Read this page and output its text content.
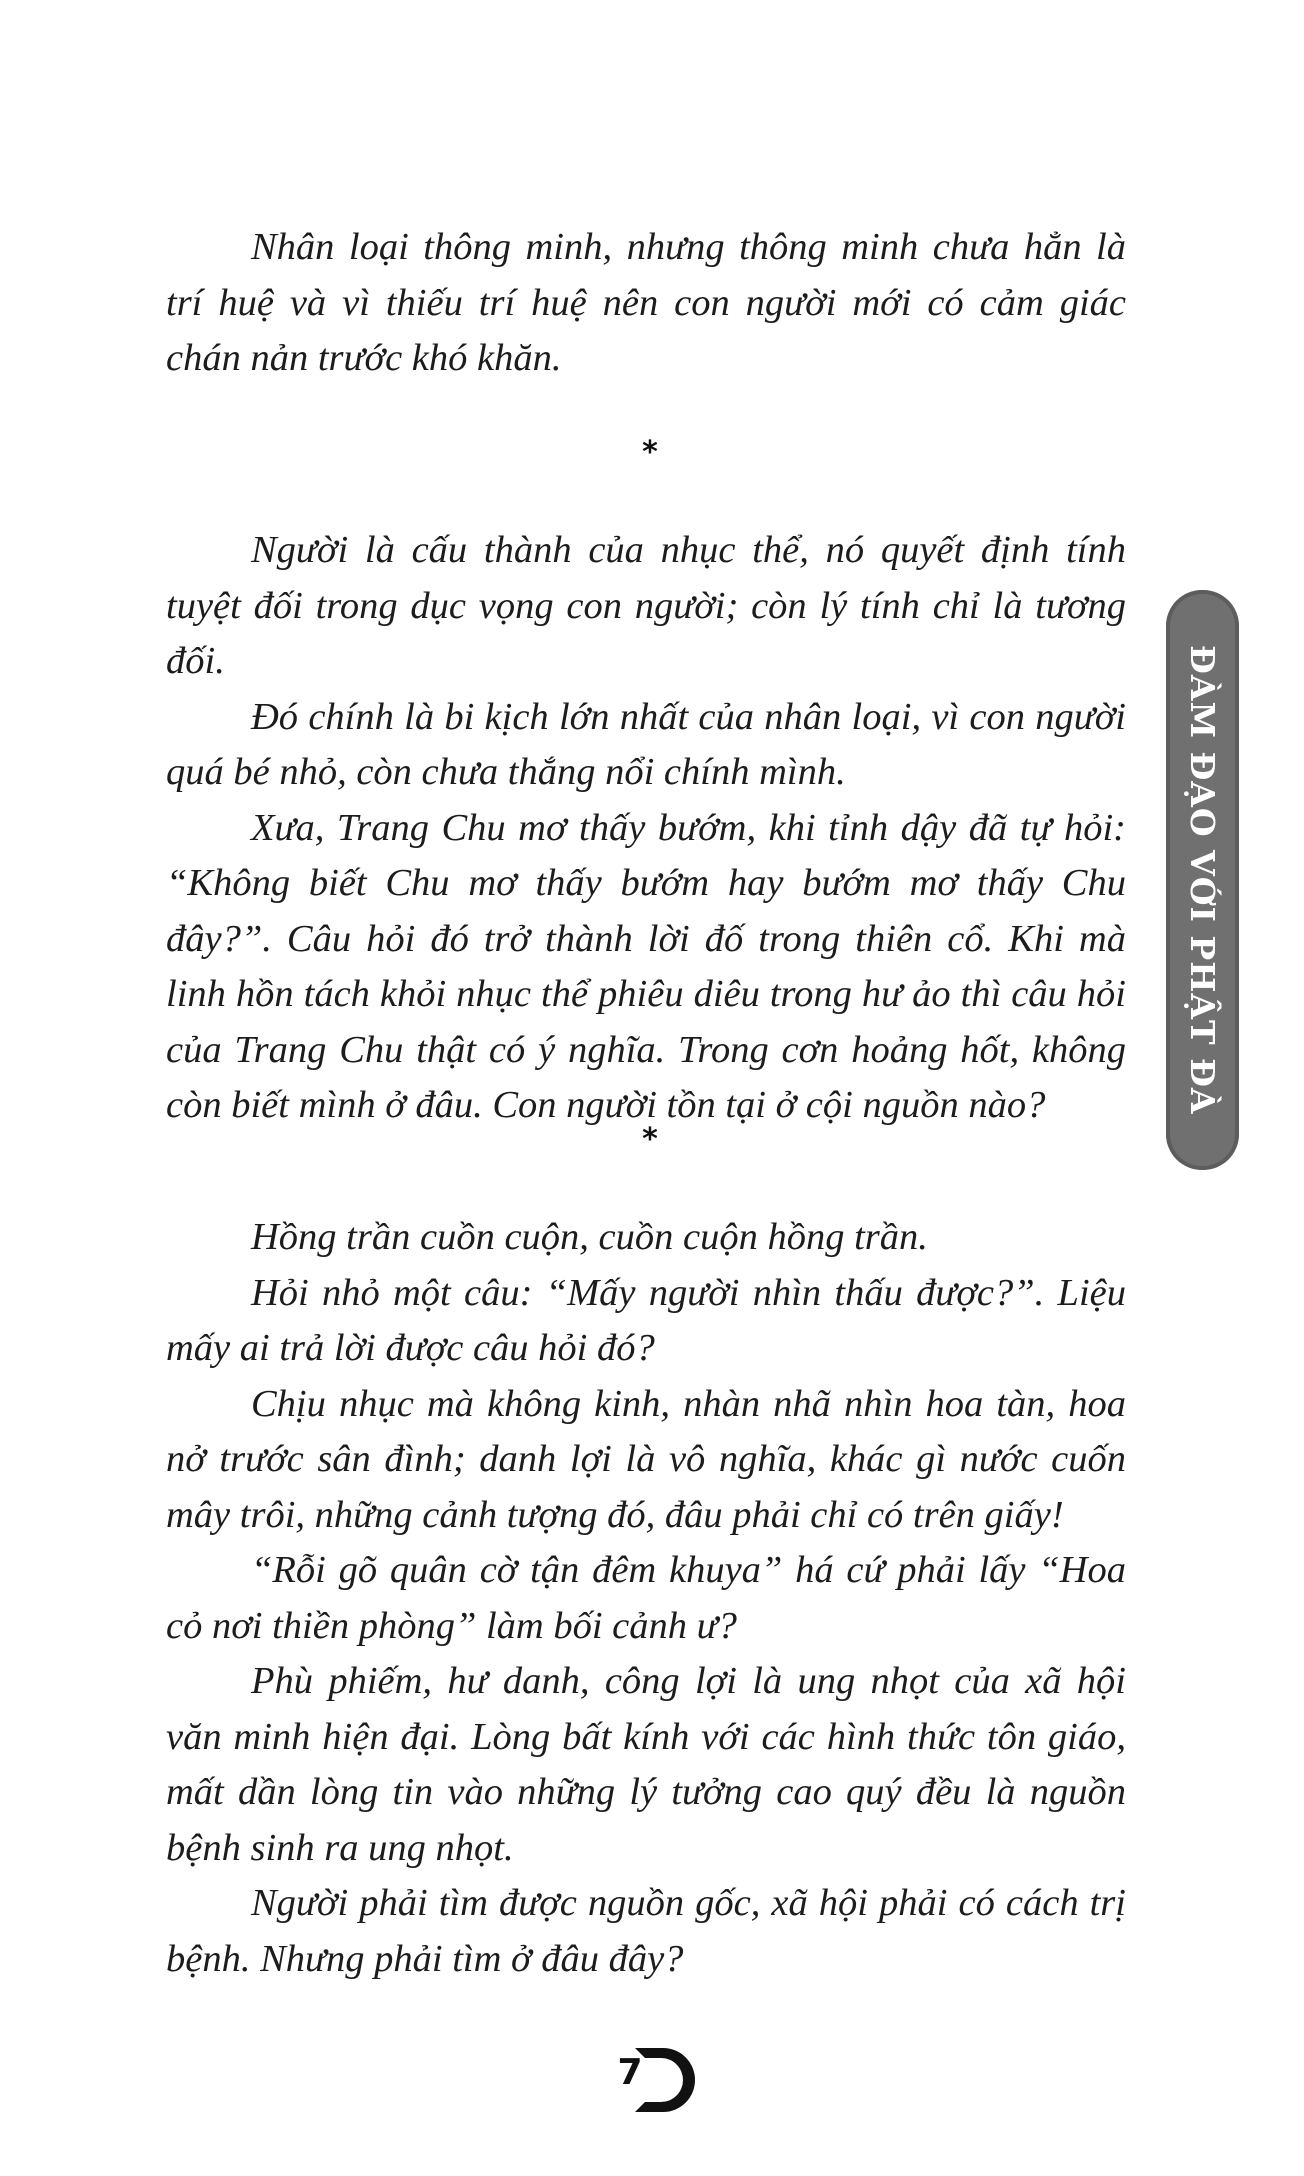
Nhân loại thông minh, nhưng thông minh chưa hẳn là trí huệ và vì thiếu trí huệ nên con người mới có cảm giác chán nản trước khó khăn.

*

Người là cấu thành của nhục thể, nó quyết định tính tuyệt đối trong dục vọng con người; còn lý tính chỉ là tương đối.

Đó chính là bi kịch lớn nhất của nhân loại, vì con người quá bé nhỏ, còn chưa thắng nổi chính mình.

Xưa, Trang Chu mơ thấy bướm, khi tỉnh dậy đã tự hỏi: “Không biết Chu mơ thấy bướm hay bướm mơ thấy Chu đây?”. Câu hỏi đó trở thành lời đố trong thiên cổ. Khi mà linh hồn tách khỏi nhục thể phiêu diêu trong hư ảo thì câu hỏi của Trang Chu thật có ý nghĩa. Trong cơn hoảng hốt, không còn biết mình ở đâu. Con người tồn tại ở cội nguồn nào?

*

Hồng trần cuồn cuộn, cuồn cuộn hồng trần.

Hỏi nhỏ một câu: “Mấy người nhìn thấu được?”. Liệu mấy ai trả lời được câu hỏi đó?

Chịu nhục mà không kinh, nhàn nhã nhìn hoa tàn, hoa nở trước sân đình; danh lợi là vô nghĩa, khác gì nước cuốn mây trôi, những cảnh tượng đó, đâu phải chỉ có trên giấy!

“Rỗi gõ quân cờ tận đêm khuya” há cứ phải lấy “Hoa cỏ nơi thiền phòng” làm bối cảnh ư?

Phù phiếm, hư danh, công lợi là ung nhọt của xã hội văn minh hiện đại. Lòng bất kính với các hình thức tôn giáo, mất dần lòng tin vào những lý tưởng cao quý đều là nguồn bệnh sinh ra ung nhọt.

Người phải tìm được nguồn gốc, xã hội phải có cách trị bệnh. Nhưng phải tìm ở đâu đây?

ĐÀM ĐẠO VỚI PHẬT ĐÀ
7
